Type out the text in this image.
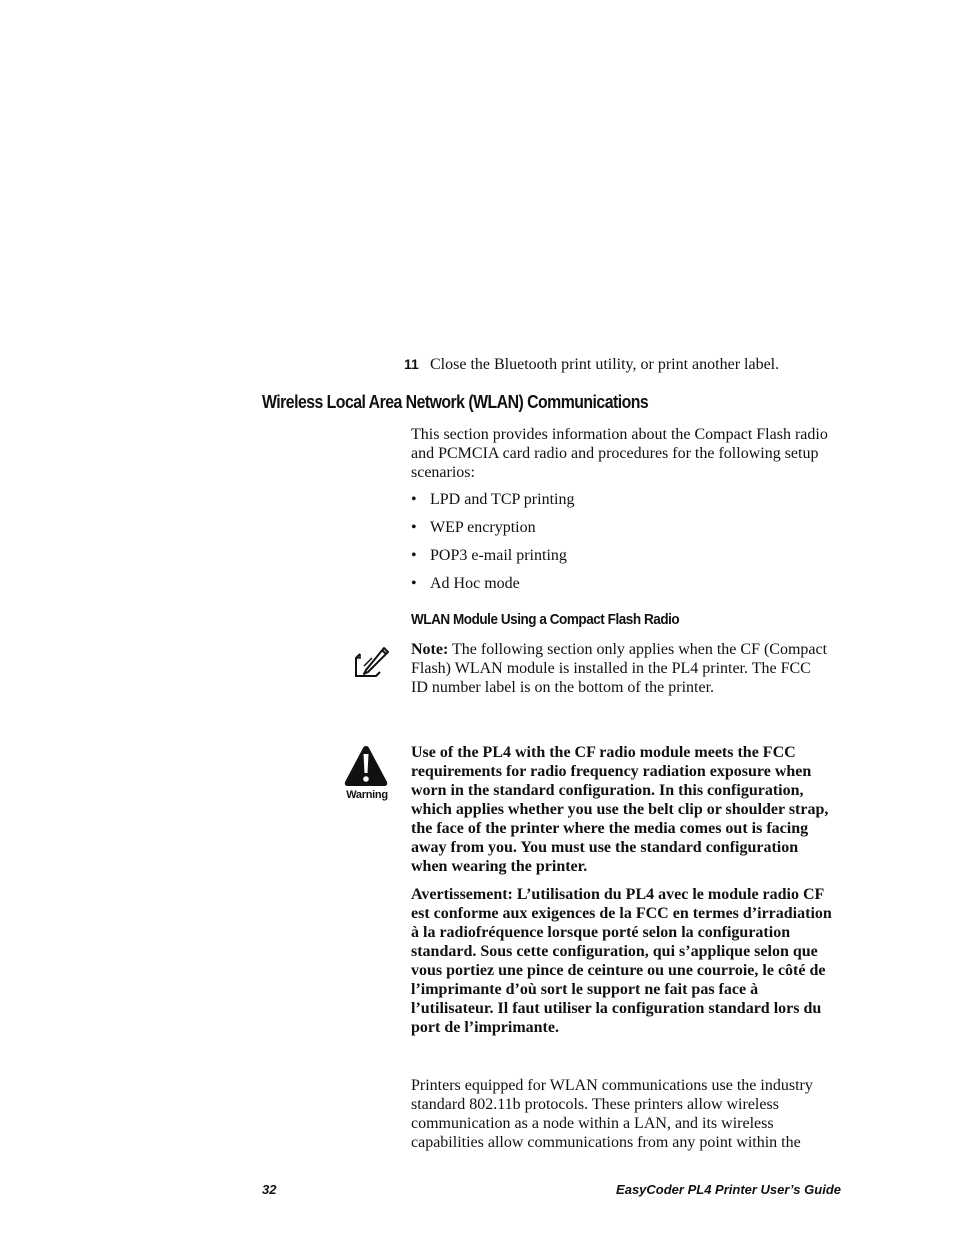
11 Close the Bluetooth print utility, or print another label.
Wireless Local Area Network (WLAN) Communications
This section provides information about the Compact Flash radio and PCMCIA card radio and procedures for the following setup scenarios:
• LPD and TCP printing
• WEP encryption
• POP3 e-mail printing
• Ad Hoc mode
WLAN Module Using a Compact Flash Radio
Note: The following section only applies when the CF (Compact Flash) WLAN module is installed in the PL4 printer. The FCC ID number label is on the bottom of the printer.
Warning
Use of the PL4 with the CF radio module meets the FCC requirements for radio frequency radiation exposure when worn in the standard configuration. In this configuration, which applies whether you use the belt clip or shoulder strap, the face of the printer where the media comes out is facing away from you. You must use the standard configuration when wearing the printer.
Avertissement: L’utilisation du PL4 avec le module radio CF est conforme aux exigences de la FCC en termes d’irradiation à la radiofréquence lorsque porté selon la configuration standard. Sous cette configuration, qui s’applique selon que vous portiez une pince de ceinture ou une courroie, le côté de l’imprimante d’où sort le support ne fait pas face à l’utilisateur. Il faut utiliser la configuration standard lors du port de l’imprimante.
Printers equipped for WLAN communications use the industry standard 802.11b protocols. These printers allow wireless communication as a node within a LAN, and its wireless capabilities allow communications from any point within the
32	EasyCoder PL4 Printer User’s Guide
